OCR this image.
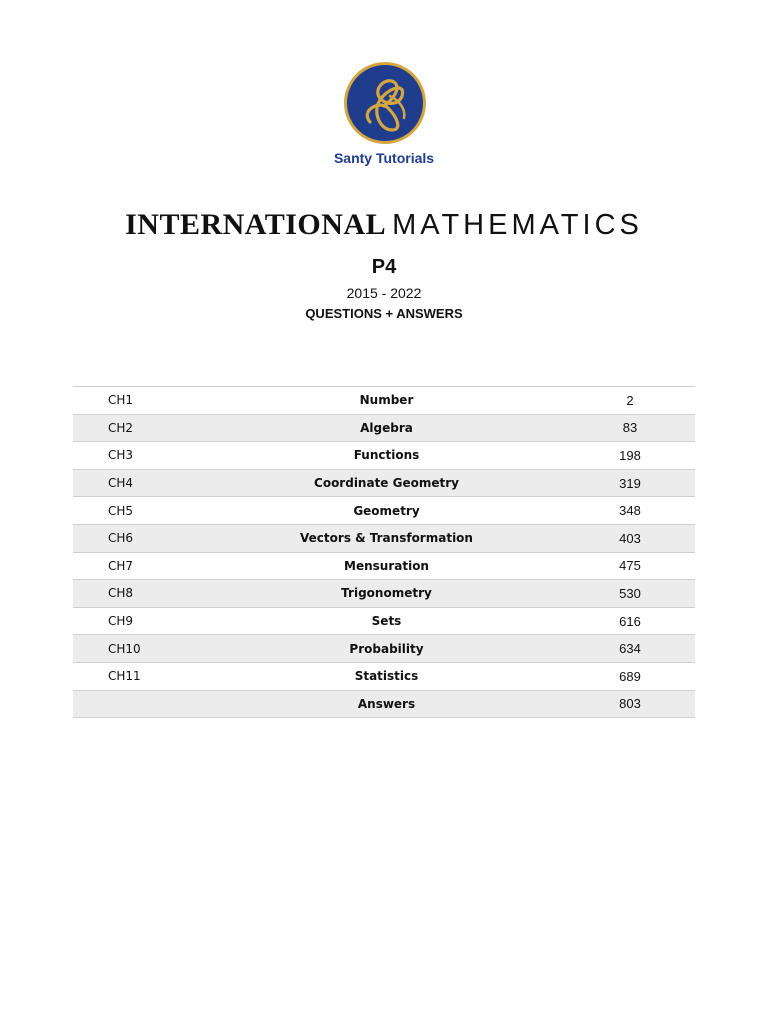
Santy Tutorials
INTERNATIONAL MATHEMATICS
P4
2015 - 2022
QUESTIONS + ANSWERS
CH1	Number	2
CH2	Algebra	83
CH3	Functions	198
CH4	Coordinate Geometry	319
CH5	Geometry	348
CH6	Vectors & Transformation	403
CH7	Mensuration	475
CH8	Trigonometry	530
CH9	Sets	616
CH10	Probability	634
CH11	Statistics	689
	Answers	803
